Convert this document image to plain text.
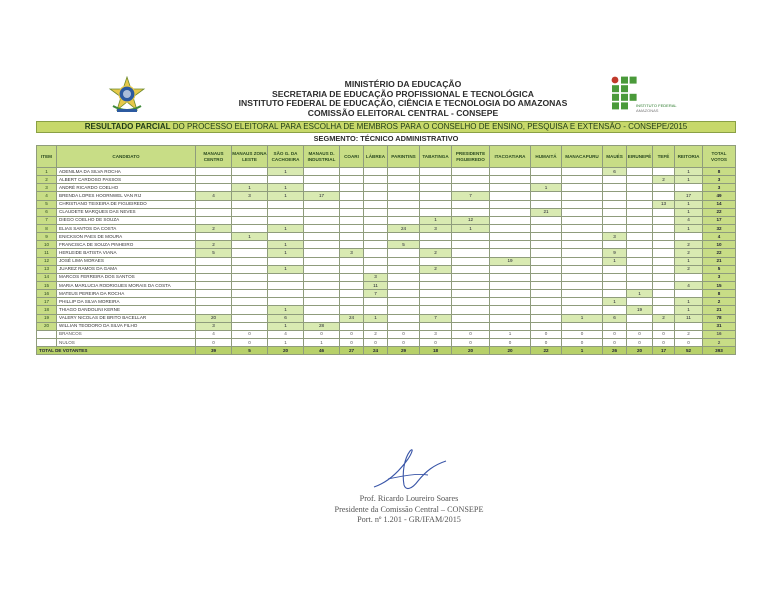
INSTITUTO FEDERAL
AMAZONAS
MINISTÉRIO DA EDUCAÇÃO
SECRETARIA DE EDUCAÇÃO PROFISSIONAL E TECNOLÓGICA
INSTITUTO FEDERAL DE EDUCAÇÃO, CIÊNCIA E TECNOLOGIA DO AMAZONAS
COMISSÃO ELEITORAL CENTRAL - CONSEPE
RESULTADO PARCIAL DO PROCESSO ELEITORAL PARA ESCOLHA DE MEMBROS PARA O CONSELHO DE ENSINO, PESQUISA E EXTENSÃO - CONSEPE/2015
SEGMENTO: TÉCNICO ADMINISTRATIVO
ITEM	CANDIDATO	MANAUS CENTRO	MANAUS ZONA LESTE	SÃO G. DA CACHOEIRA	MANAUS D. INDUSTRIAL	COARI	LÁBREA	PARINTINS	TABATINGA	PRESIDENTE FIGUEIREDO	ITACOATIARA	HUMAITÁ	MANACAPURU	MAUÉS	EIRUNEPÉ	TEFÉ	REITORIA	TOTAL VOTOS
1	ADENILMA DA SILVA ROCHA			1										6			1	8
2	ALBERT CARDOSO PASSOS															2	1	3
3	ANDRÉ RICARDO COELHO		1	1								1						3
4	BRENDA LOPES HOORNWEL VAN RIJ	4	3	1	17					7							17	49
5	CHRISTIANO TEIXEIRA DE FIGUEIREDO															13	1	14
6	CLAUDETE MARQUES DAS NEVES											21					1	22
7	DIEGO COELHO DE SOUZA								1	12							4	17
8	ELIAS SANTOS DA COSTA	2		1				24	3	1							1	32
9	ENICKSON PAES DE MOURA		1											3				4
10	FRANCISCA DE SOUZA PINHEIRO	2		1				5									2	10
11	HERLEIDE BATISTA VIANA	5		1		3			2					9			2	22
12	JOSÉ LIMA MORAES										19			1			1	21
13	JUAREZ RAMOS DA GAMA			1					2								2	5
14	MARCOS FERREIRA DOS SANTOS						3											3
15	MARIA MARLUCIA RODRIGUES MORAIS DA COSTA						11										4	15
16	MATEUS PEREIRA DA ROCHA						7								1			8
17	PHILLIP DA SILVA MOREIRA													1			1	2
18	THIAGO DANDOLINI KERNE			1											19		1	21
19	VALERY NICOLAS DE BRITO BACELLAR	20		6		24	1		7				1	6		2	11	78
20	WILLIAN TEODORO DA SILVA FILHO	3		1	28													31
	BRANCOS	4	0	4	0	0	2	0	3	0	1	0	0	0	0	0	2	16
	NULOS	0	0	1	1	0	0	0	0	0	0	0	0	0	0	0	0	2
TOTAL DE VOTANTES		39	5	20	46	27	24	29	18	20	20	22	1	26	20	17	52	393
Prof. Ricardo Loureiro Soares
Presidente da Comissão Central – CONSEPE
Port. nº 1.201 - GR/IFAM/2015
